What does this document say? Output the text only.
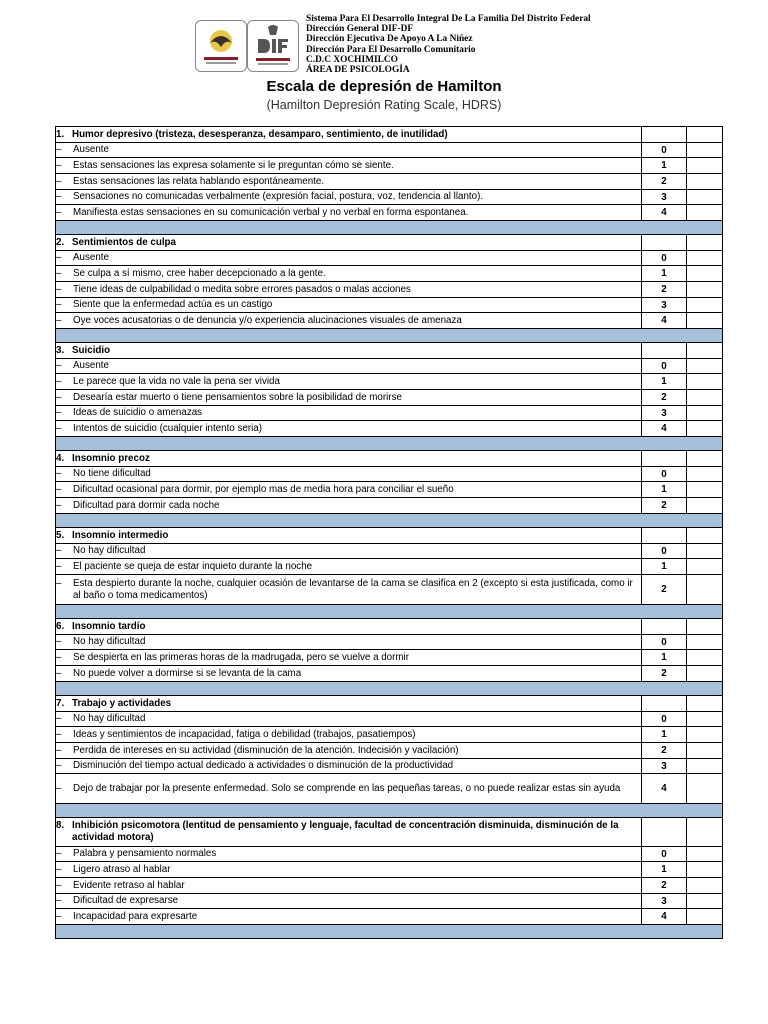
Sistema Para El Desarrollo Integral De La Familia Del Distrito Federal
Dirección General DIF-DF
Dirección Ejecutiva De Apoyo A La Niñez
Dirección Para El Desarrollo Comunitario
C.D.C XOCHIMILCO
ÁREA DE PSICOLOGÍA
Escala de depresión de Hamilton
(Hamilton Depresión Rating Scale, HDRS)
1. Humor depresivo (tristeza, desesperanza, desamparo, sentimiento, de inutilidad)		

– Ausente	0	

– Estas sensaciones las expresa solamente si le preguntan cómo se siente.	1	

– Estas sensaciones las relata hablando espontáneamente.	2	

– Sensaciones no comunicadas verbalmente (expresión facial, postura, voz, tendencia al llanto).	3	

– Manifiesta estas sensaciones en su comunicación verbal y no verbal en forma espontanea.	4	

2. Sentimientos de culpa		

– Ausente	0	

– Se culpa a sí mismo, cree haber decepcionado a la gente.	1	

– Tiene ideas de culpabilidad o medita sobre errores pasados o malas acciones	2	

– Siente que la enfermedad actúa es un castigo	3	

– Oye voces acusatorias o de denuncia y/o experiencia alucinaciones visuales de amenaza	4	

3. Suicidio		

– Ausente	0	

– Le parece que la vida no vale la pena ser vivida	1	

– Desearía estar muerto o tiene pensamientos sobre la posibilidad de morirse	2	

– Ideas de suicidio o amenazas	3	

– Intentos de suicidio (cualquier intento seria)	4	

4. Insomnio precoz		

– No tiene dificultad	0	

– Dificultad ocasional para dormir, por ejemplo mas de media hora para conciliar el sueño	1	

– Dificultad para dormir cada noche	2	

5. Insomnio intermedio		

– No hay dificultad	0	

– El paciente se queja de estar inquieto durante la noche	1	

– Esta despierto durante la noche, cualquier ocasión de levantarse de la cama se clasifica en 2 (excepto si esta justificada, como ir al baño o toma medicamentos)	2	

6. Insomnio tardío		

– No hay dificultad	0	

– Se despierta en las primeras horas de la madrugada, pero se vuelve a dormir	1	

– No puede volver a dormirse si se levanta de la cama	2	

7. Trabajo y actividades		

– No hay dificultad	0	

– Ideas y sentimientos de incapacidad, fatiga o debilidad (trabajos, pasatiempos)	1	

– Perdida de intereses en su actividad (disminución de la atención. Indecisión y vacilación)	2	

– Disminución del tiempo actual dedicado a actividades o disminución de la productividad	3	

– Dejo de trabajar por la presente enfermedad. Solo se comprende en las pequeñas tareas, o no puede realizar estas sin ayuda	4	

8. Inhibición psicomotora (lentitud de pensamiento y lenguaje, facultad de concentración disminuida, disminución de la actividad motora)		

– Palabra y pensamiento normales	0	

– Ligero atraso al hablar	1	

– Evidente retraso al hablar	2	

– Dificultad de expresarse	3	

– Incapacidad para expresarte	4	
